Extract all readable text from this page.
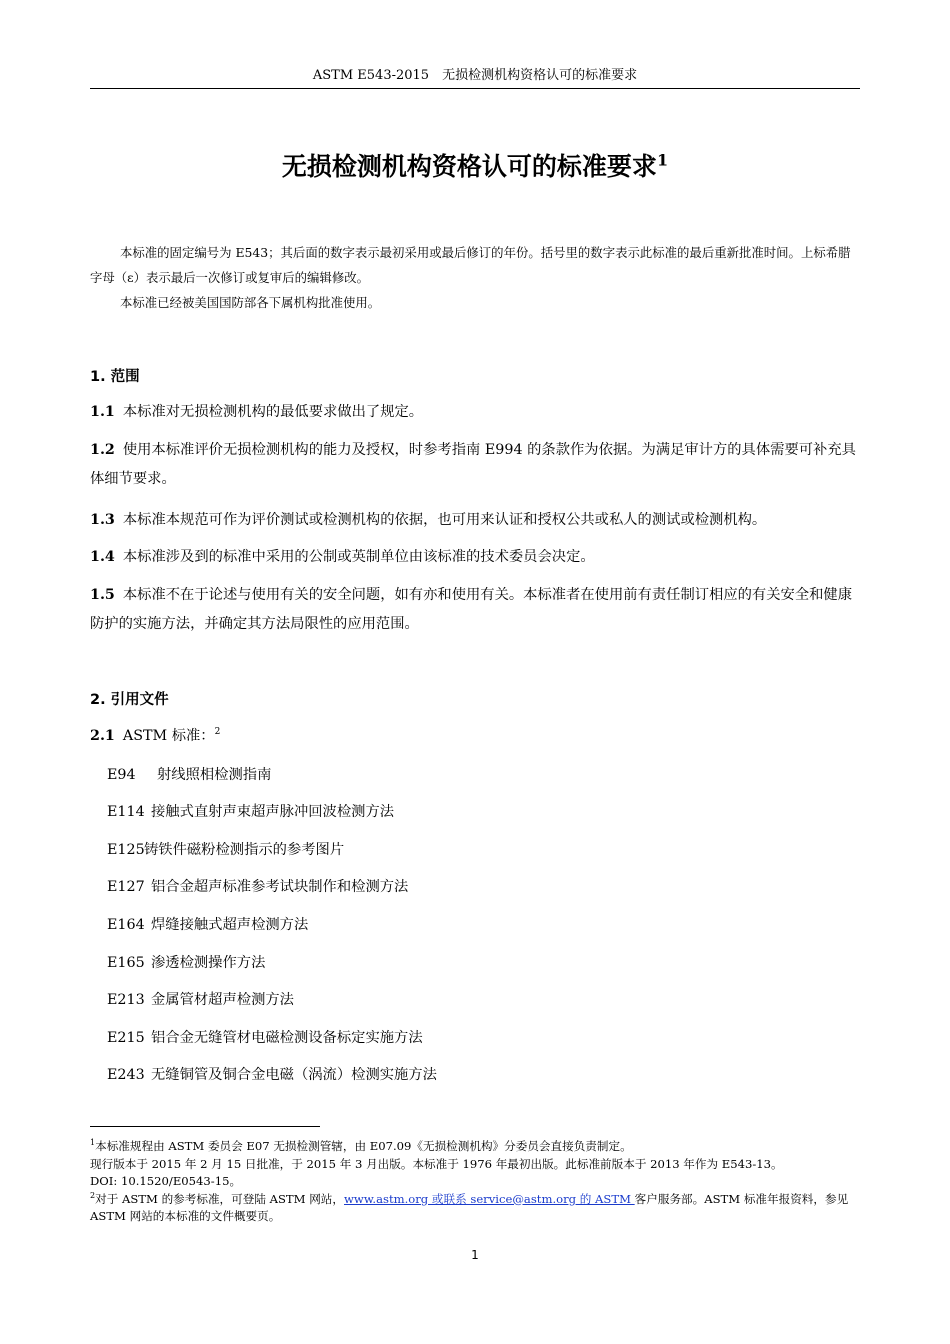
ASTM E543-2015　无损检测机构资格认可的标准要求
无损检测机构资格认可的标准要求$^1$

本标准的固定编号为 E543；其后面的数字表示最初采用或最后修订的年份。括号里的数字表示此标准的最后重新批准时间。上标希腊字母（ε）表示最后一次修订或复审后的编辑修改。

本标准已经被美国国防部各下属机构批准使用。

1. 范围
1.1 本标准对无损检测机构的最低要求做出了规定。
1.2 使用本标准评价无损检测机构的能力及授权，时参考指南 E994 的条款作为依据。为满足审计方的具体需要可补充具体细节要求。
1.3 本标准本规范可作为评价测试或检测机构的依据，也可用来认证和授权公共或私人的测试或检测机构。
1.4 本标准涉及到的标准中采用的公制或英制单位由该标准的技术委员会决定。
1.5 本标准不在于论述与使用有关的安全问题，如有亦和使用有关。本标准者在使用前有责任制订相应的有关安全和健康防护的实施方法，并确定其方法局限性的应用范围。
2. 引用文件
2.1 ASTM 标准：$^2$
E94 射线照相检测指南
E114 接触式直射声束超声脉冲回波检测方法
E125铸铁件磁粉检测指示的参考图片
E127 铝合金超声标准参考试块制作和检测方法
E164 焊缝接触式超声检测方法
E165 渗透检测操作方法
E213 金属管材超声检测方法
E215 铝合金无缝管材电磁检测设备标定实施方法
E243 无缝铜管及铜合金电磁（涡流）检测实施方法

$^1$本标准规程由 ASTM 委员会 E07 无损检测管辖，由 E07.09《无损检测机构》分委员会直接负责制定。

现行版本于 2015 年 2 月 15 日批准，于 2015 年 3 月出版。本标准于 1976 年最初出版。此标准前版本于 2013 年作为 E543-13。

DOI: 10.1520/E0543-15。

$^2$对于 ASTM 的参考标准，可登陆 ASTM 网站，www.astm.org 或联系 service@astm.org 的 ASTM 客户服务部。ASTM 标准年报资料，参见 ASTM 网站的本标准的文件概要页。

1
